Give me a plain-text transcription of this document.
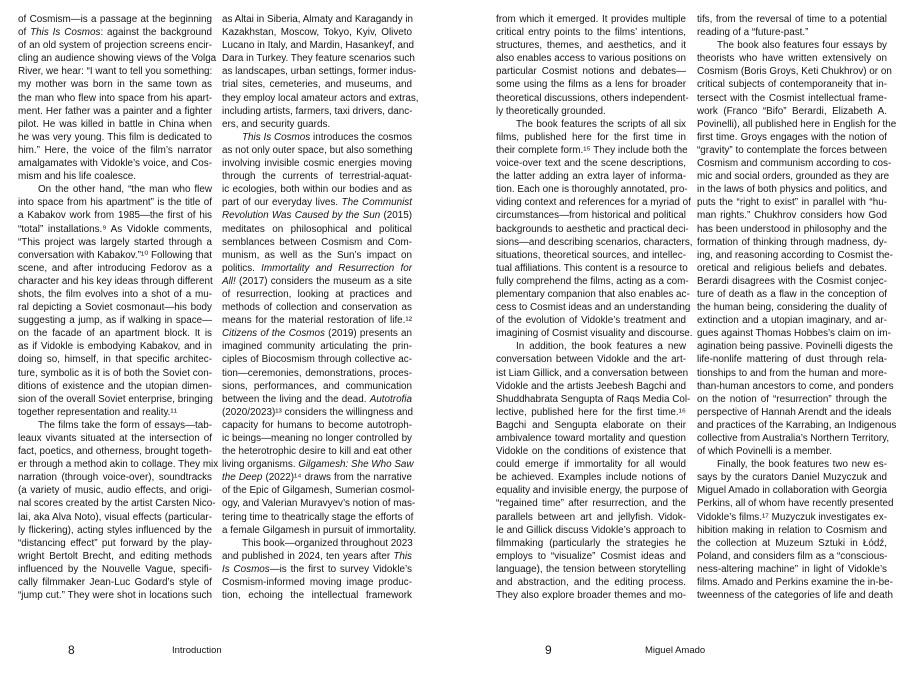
of Cosmism—is a passage at the beginning
of This Is Cosmos: against the background
of an old system of projection screens encir-
cling an audience showing views of the Volga
River, we hear: “I want to tell you something:
my mother was born in the same town as
the man who flew into space from his apart-
ment. Her father was a painter and a fighter
pilot. He was killed in battle in China when
he was very young. This film is dedicated to
him.” Here, the voice of the film’s narrator
amalgamates with Vidokle’s voice, and Cos-
mism and his life coalesce.
On the other hand, “the man who flew
into space from his apartment” is the title of
a Kabakov work from 1985—the first of his
“total” installations.⁹ As Vidokle comments,
“This project was largely started through a
conversation with Kabakov.”¹⁰ Following that
scene, and after introducing Fedorov as a
character and his key ideas through different
shots, the film evolves into a shot of a mu-
ral depicting a Soviet cosmonaut—his body
suggesting a jump, as if walking in space—
on the facade of an apartment block. It is
as if Vidokle is embodying Kabakov, and in
doing so, himself, in that specific architec-
ture, symbolic as it is of both the Soviet con-
ditions of existence and the utopian dimen-
sion of the overall Soviet enterprise, bringing
together representation and reality.¹¹
The films take the form of essays—tab-
leaux vivants situated at the intersection of
fact, poetics, and otherness, brought togeth-
er through a method akin to collage. They mix
narration (through voice-over), soundtracks
(a variety of music, audio effects, and origi-
nal scores created by the artist Carsten Nico-
lai, aka Alva Noto), visual effects (particular-
ly flickering), acting styles influenced by the
“distancing effect” put forward by the play-
wright Bertolt Brecht, and editing methods
influenced by the Nouvelle Vague, specifi-
cally filmmaker Jean-Luc Godard’s style of
“jump cut.” They were shot in locations such
as Altai in Siberia, Almaty and Karagandy in
Kazakhstan, Moscow, Tokyo, Kyiv, Oliveto
Lucano in Italy, and Mardin, Hasankeyf, and
Dara in Turkey. They feature scenarios such
as landscapes, urban settings, former indus-
trial sites, cemeteries, and museums, and
they employ local amateur actors and extras,
including artists, farmers, taxi drivers, danc-
ers, and security guards.
This Is Cosmos introduces the cosmos
as not only outer space, but also something
involving invisible cosmic energies moving
through the currents of terrestrial-aquat-
ic ecologies, both within our bodies and as
part of our everyday lives. The Communist
Revolution Was Caused by the Sun (2015)
meditates on philosophical and political
semblances between Cosmism and Com-
munism, as well as the Sun’s impact on
politics. Immortality and Resurrection for
All! (2017) considers the museum as a site
of resurrection, looking at practices and
methods of collection and conservation as
means for the material restoration of life.¹²
Citizens of the Cosmos (2019) presents an
imagined community articulating the prin-
ciples of Biocosmism through collective ac-
tion—ceremonies, demonstrations, proces-
sions, performances, and communication
between the living and the dead. Autotrofia
(2020/2023)¹³ considers the willingness and
capacity for humans to become autotroph-
ic beings—meaning no longer controlled by
the heterotrophic desire to kill and eat other
living organisms. Gilgamesh: She Who Saw
the Deep (2022)¹⁴ draws from the narrative
of the Epic of Gilgamesh, Sumerian cosmol-
ogy, and Valerian Muravyev’s notion of mas-
tering time to theatrically stage the efforts of
a female Gilgamesh in pursuit of immortality.
This book—organized throughout 2023
and published in 2024, ten years after This
Is Cosmos—is the first to survey Vidokle’s
Cosmism-informed moving image produc-
tion, echoing the intellectual framework
8	Introduction
from which it emerged. It provides multiple
critical entry points to the films’ intentions,
structures, themes, and aesthetics, and it
also enables access to various positions on
particular Cosmist notions and debates—
some using the films as a lens for broader
theoretical discussions, others independent-
ly theoretically grounded.
The book features the scripts of all six
films, published here for the first time in
their complete form.¹⁵ They include both the
voice-over text and the scene descriptions,
the latter adding an extra layer of informa-
tion. Each one is thoroughly annotated, pro-
viding context and references for a myriad of
circumstances—from historical and political
backgrounds to aesthetic and practical deci-
sions—and describing scenarios, characters,
situations, theoretical sources, and intellec-
tual affiliations. This content is a resource to
fully comprehend the films, acting as a com-
plementary companion that also enables ac-
cess to Cosmist ideas and an understanding
of the evolution of Vidokle’s treatment and
imagining of Cosmist visuality and discourse.
In addition, the book features a new
conversation between Vidokle and the art-
ist Liam Gillick, and a conversation between
Vidokle and the artists Jeebesh Bagchi and
Shuddhabrata Sengupta of Raqs Media Col-
lective, published here for the first time.¹⁶
Bagchi and Sengupta elaborate on their
ambivalence toward mortality and question
Vidokle on the conditions of existence that
could emerge if immortality for all would
be achieved. Examples include notions of
equality and invisible energy, the purpose of
“regained time” after resurrection, and the
parallels between art and jellyfish. Vidok-
le and Gillick discuss Vidokle’s approach to
filmmaking (particularly the strategies he
employs to “visualize” Cosmist ideas and
language), the tension between storytelling
and abstraction, and the editing process.
They also explore broader themes and mo-
tifs, from the reversal of time to a potential
reading of a “future-past.”
The book also features four essays by
theorists who have written extensively on
Cosmism (Boris Groys, Keti Chukhrov) or on
critical subjects of contemporaneity that in-
tersect with the Cosmist intellectual frame-
work (Franco “Bifo” Berardi, Elizabeth A.
Povinelli), all published here in English for the
first time. Groys engages with the notion of
“gravity” to contemplate the forces between
Cosmism and communism according to cos-
mic and social orders, grounded as they are
in the laws of both physics and politics, and
puts the “right to exist” in parallel with “hu-
man rights.” Chukhrov considers how God
has been understood in philosophy and the
formation of thinking through madness, dy-
ing, and reasoning according to Cosmist the-
oretical and religious beliefs and debates.
Berardi disagrees with the Cosmist conjec-
ture of death as a flaw in the conception of
the human being, considering the duality of
extinction and a utopian imaginary, and ar-
gues against Thomas Hobbes’s claim on im-
agination being passive. Povinelli digests the
life-nonlife mattering of dust through rela-
tionships to and from the human and more-
than-human ancestors to come, and ponders
on the notion of “resurrection” through the
perspective of Hannah Arendt and the ideals
and practices of the Karrabing, an Indigenous
collective from Australia’s Northern Territory,
of which Povinelli is a member.
Finally, the book features two new es-
says by the curators Daniel Muzyczuk and
Miguel Amado in collaboration with Georgia
Perkins, all of whom have recently presented
Vidokle’s films.¹⁷ Muzyczuk investigates ex-
hibition making in relation to Cosmism and
the collection at Muzeum Sztuki in Łódź,
Poland, and considers film as a “conscious-
ness-altering machine” in light of Vidokle’s
films. Amado and Perkins examine the in-be-
tweenness of the categories of life and death
9	Miguel Amado
